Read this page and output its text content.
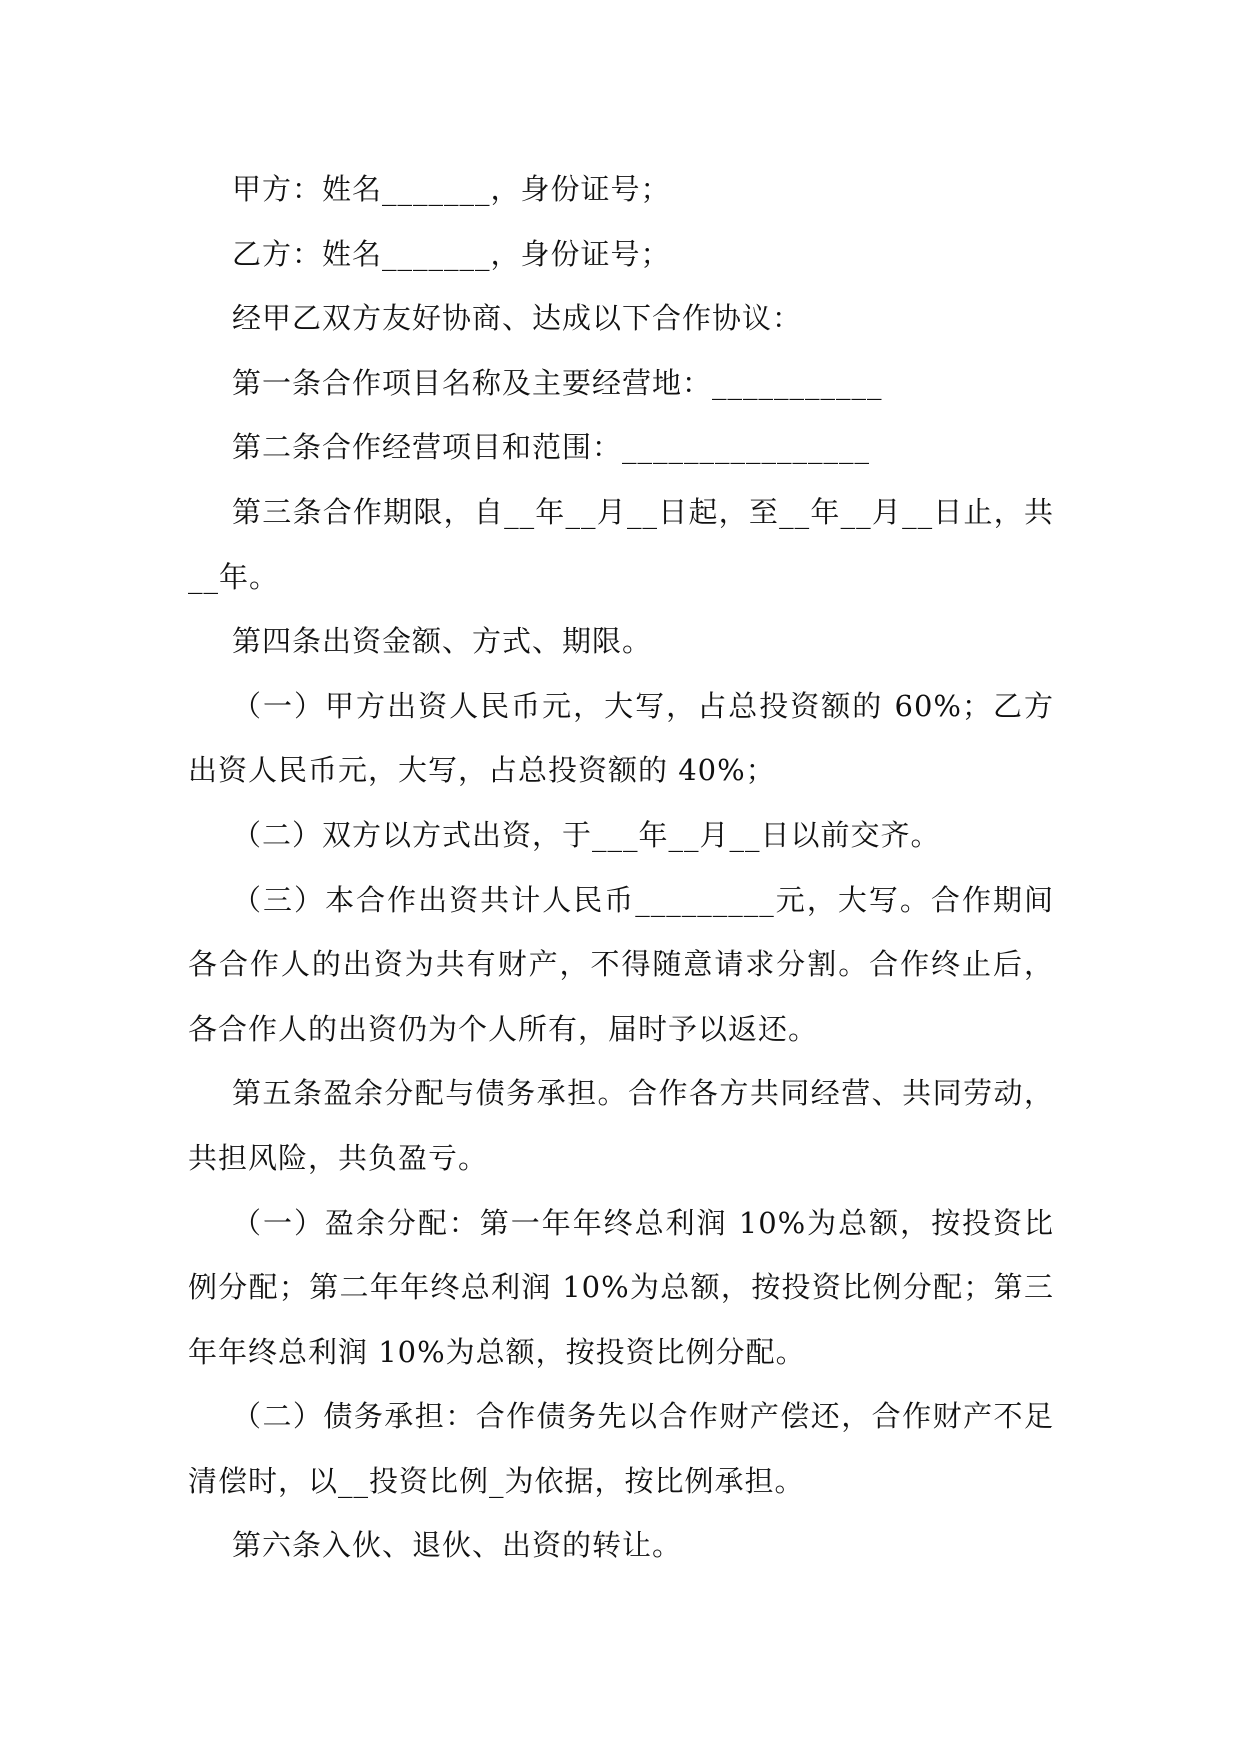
甲方：姓名_______，身份证号；

乙方：姓名_______，身份证号；

经甲乙双方友好协商、达成以下合作协议：

第一条合作项目名称及主要经营地：___________

第二条合作经营项目和范围：________________

第三条合作期限，自__年__月__日起，至__年__月__日止，共__年。

第四条出资金额、方式、期限。

（一）甲方出资人民币元，大写，占总投资额的 60%；乙方出资人民币元，大写，占总投资额的 40%；

（二）双方以方式出资，于___年__月__日以前交齐。

（三）本合作出资共计人民币_________元，大写。合作期间各合作人的出资为共有财产，不得随意请求分割。合作终止后，各合作人的出资仍为个人所有，届时予以返还。

第五条盈余分配与债务承担。合作各方共同经营、共同劳动，共担风险，共负盈亏。

（一）盈余分配：第一年年终总利润 10%为总额，按投资比例分配；第二年年终总利润 10%为总额，按投资比例分配；第三年年终总利润 10%为总额，按投资比例分配。

（二）债务承担：合作债务先以合作财产偿还，合作财产不足清偿时，以__投资比例_为依据，按比例承担。

第六条入伙、退伙、出资的转让。
